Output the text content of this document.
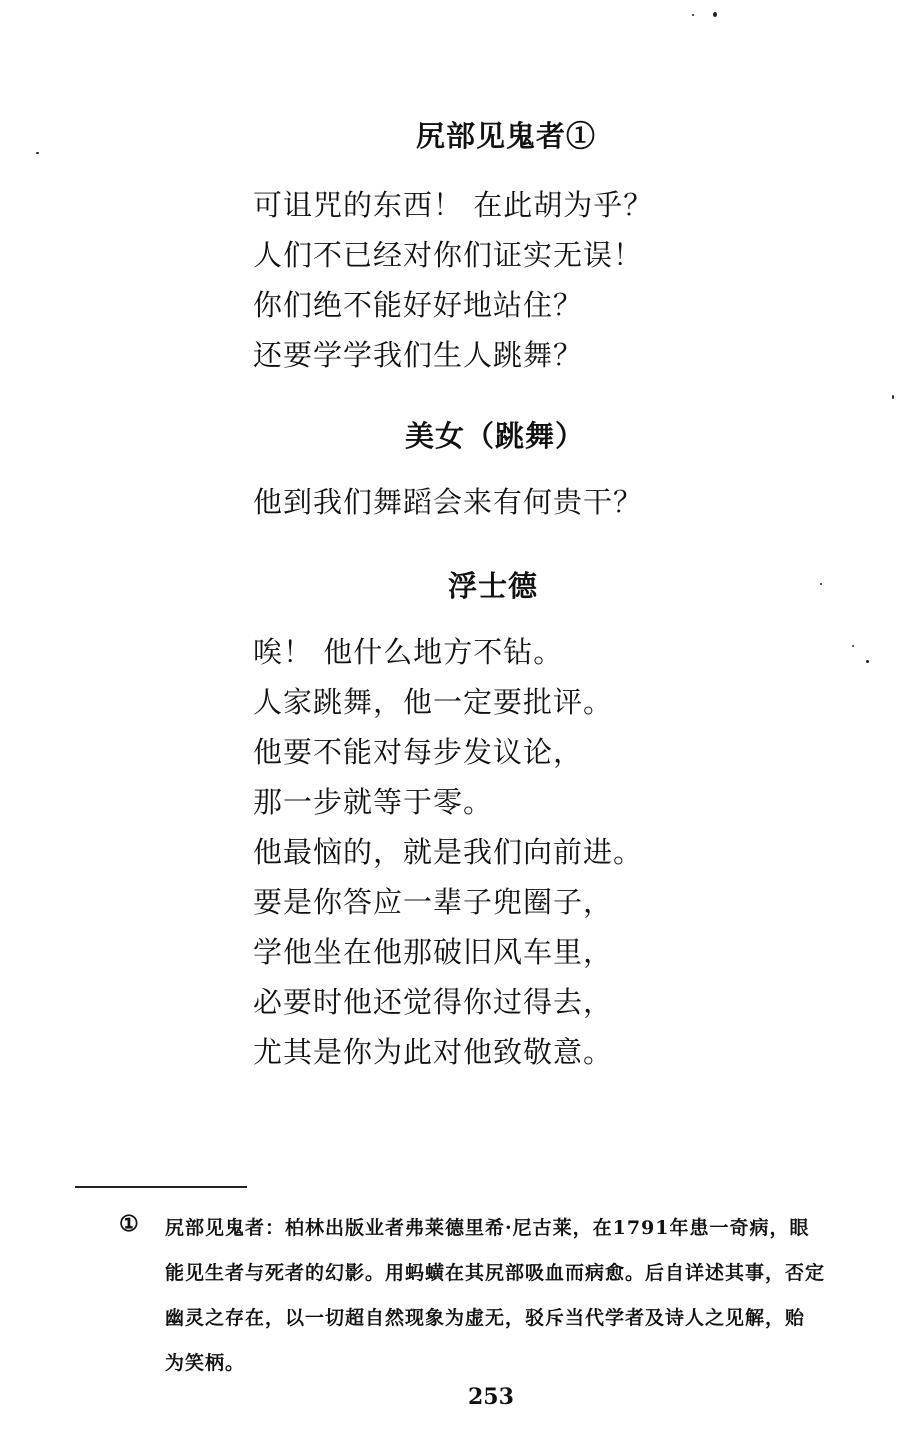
尻部见鬼者①
可诅咒的东西！ 在此胡为乎？
人们不已经对你们证实无误！
你们绝不能好好地站住？
还要学学我们生人跳舞？
美女（跳舞）
他到我们舞蹈会来有何贵干？
浮士德
唉！ 他什么地方不钻。
人家跳舞，他一定要批评。
他要不能对每步发议论，
那一步就等于零。
他最恼的，就是我们向前进。
要是你答应一辈子兜圈子，
学他坐在他那破旧风车里，
必要时他还觉得你过得去，
尤其是你为此对他致敬意。
① 尻部见鬼者：柏林出版业者弗莱德里希·尼古莱，在1791年患一奇病，眼
能见生者与死者的幻影。用蚂蟥在其尻部吸血而病愈。后自详述其事，否定
幽灵之存在，以一切超自然现象为虚无，驳斥当代学者及诗人之见解，贻
为笑柄。
253
